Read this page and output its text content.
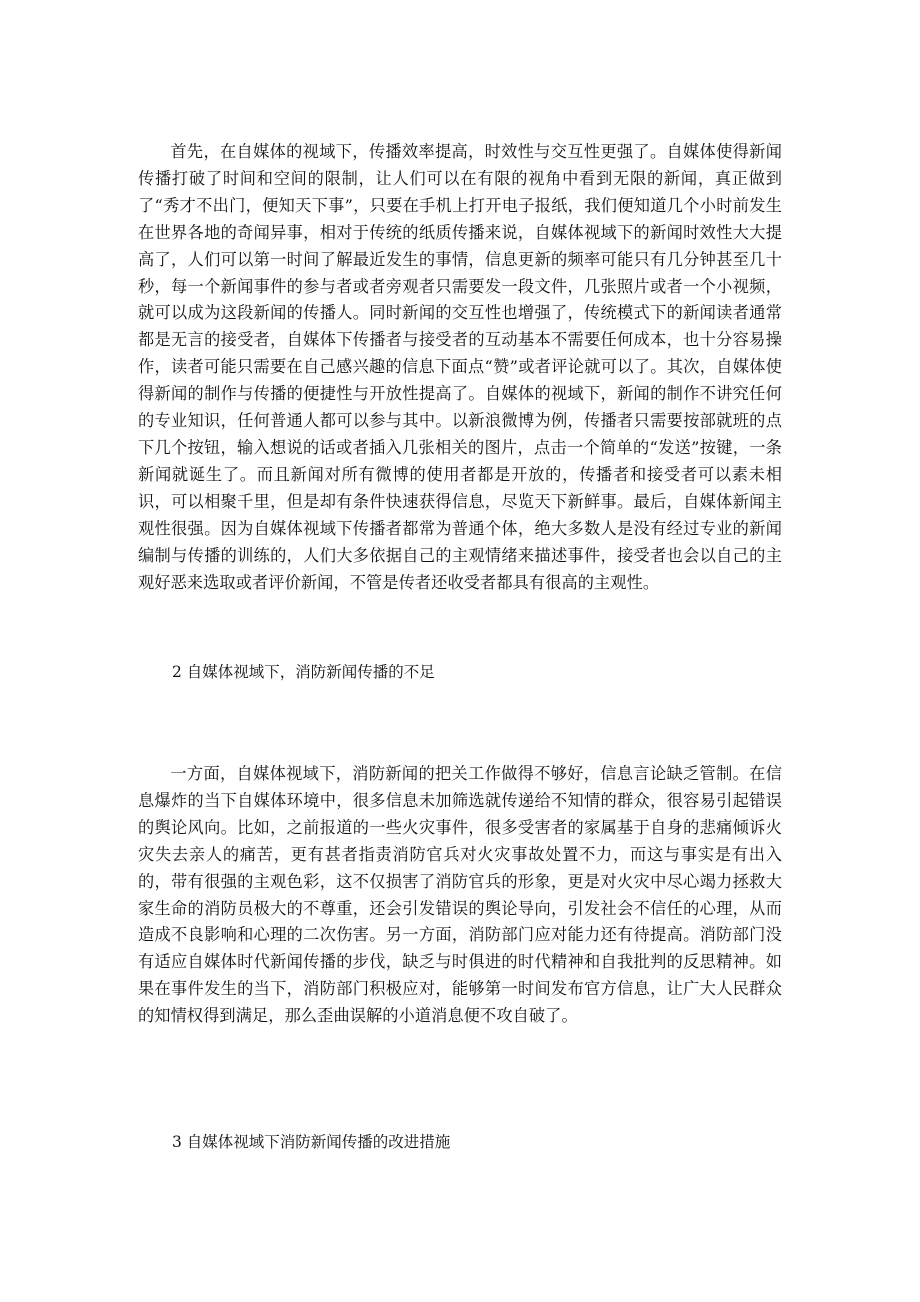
首先，在自媒体的视域下，传播效率提高，时效性与交互性更强了。自媒体使得新闻传播打破了时间和空间的限制，让人们可以在有限的视角中看到无限的新闻，真正做到了“秀才不出门，便知天下事”，只要在手机上打开电子报纸，我们便知道几个小时前发生在世界各地的奇闻异事，相对于传统的纸质传播来说，自媒体视域下的新闻时效性大大提高了，人们可以第一时间了解最近发生的事情，信息更新的频率可能只有几分钟甚至几十秒，每一个新闻事件的参与者或者旁观者只需要发一段文件，几张照片或者一个小视频，就可以成为这段新闻的传播人。同时新闻的交互性也增强了，传统模式下的新闻读者通常都是无言的接受者，自媒体下传播者与接受者的互动基本不需要任何成本，也十分容易操作，读者可能只需要在自己感兴趣的信息下面点“赞”或者评论就可以了。其次，自媒体使得新闻的制作与传播的便捷性与开放性提高了。自媒体的视域下，新闻的制作不讲究任何的专业知识，任何普通人都可以参与其中。以新浪微博为例，传播者只需要按部就班的点下几个按钮，输入想说的话或者插入几张相关的图片，点击一个简单的“发送”按键，一条新闻就诞生了。而且新闻对所有微博的使用者都是开放的，传播者和接受者可以素未相识，可以相聚千里，但是却有条件快速获得信息，尽览天下新鲜事。最后，自媒体新闻主观性很强。因为自媒体视域下传播者都常为普通个体，绝大多数人是没有经过专业的新闻编制与传播的训练的，人们大多依据自己的主观情绪来描述事件，接受者也会以自己的主观好恶来选取或者评价新闻，不管是传者还收受者都具有很高的主观性。

2 自媒体视域下，消防新闻传播的不足

一方面，自媒体视域下，消防新闻的把关工作做得不够好，信息言论缺乏管制。在信息爆炸的当下自媒体环境中，很多信息未加筛选就传递给不知情的群众，很容易引起错误的舆论风向。比如，之前报道的一些火灾事件，很多受害者的家属基于自身的悲痛倾诉火灾失去亲人的痛苦，更有甚者指责消防官兵对火灾事故处置不力，而这与事实是有出入的，带有很强的主观色彩，这不仅损害了消防官兵的形象，更是对火灾中尽心竭力拯救大家生命的消防员极大的不尊重，还会引发错误的舆论导向，引发社会不信任的心理，从而造成不良影响和心理的二次伤害。另一方面，消防部门应对能力还有待提高。消防部门没有适应自媒体时代新闻传播的步伐，缺乏与时俱进的时代精神和自我批判的反思精神。如果在事件发生的当下，消防部门积极应对，能够第一时间发布官方信息，让广大人民群众的知情权得到满足，那么歪曲误解的小道消息便不攻自破了。

3 自媒体视域下消防新闻传播的改进措施
